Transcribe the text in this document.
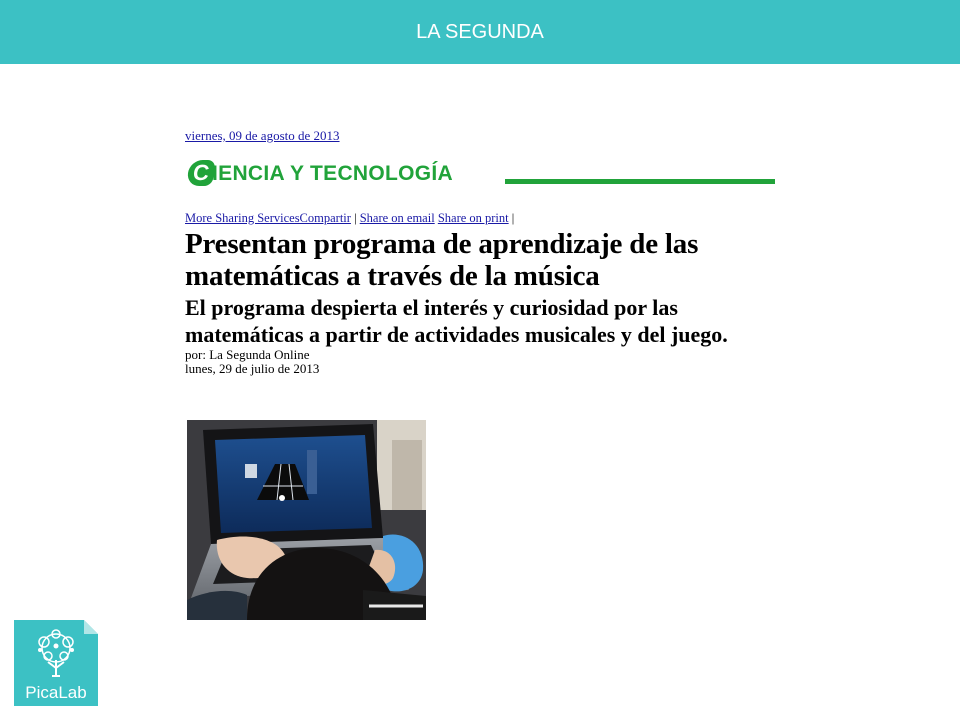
LA SEGUNDA
viernes, 09 de agosto de 2013
C IENCIA Y TECNOLOGÍA
More Sharing ServicesCompartir | Share on email Share on print |
Presentan programa de aprendizaje de las matemáticas a través de la música
El programa despierta el interés y curiosidad por las matemáticas a partir de actividades musicales y del juego.
por: La Segunda Online
lunes, 29 de julio de 2013
PicaLab
